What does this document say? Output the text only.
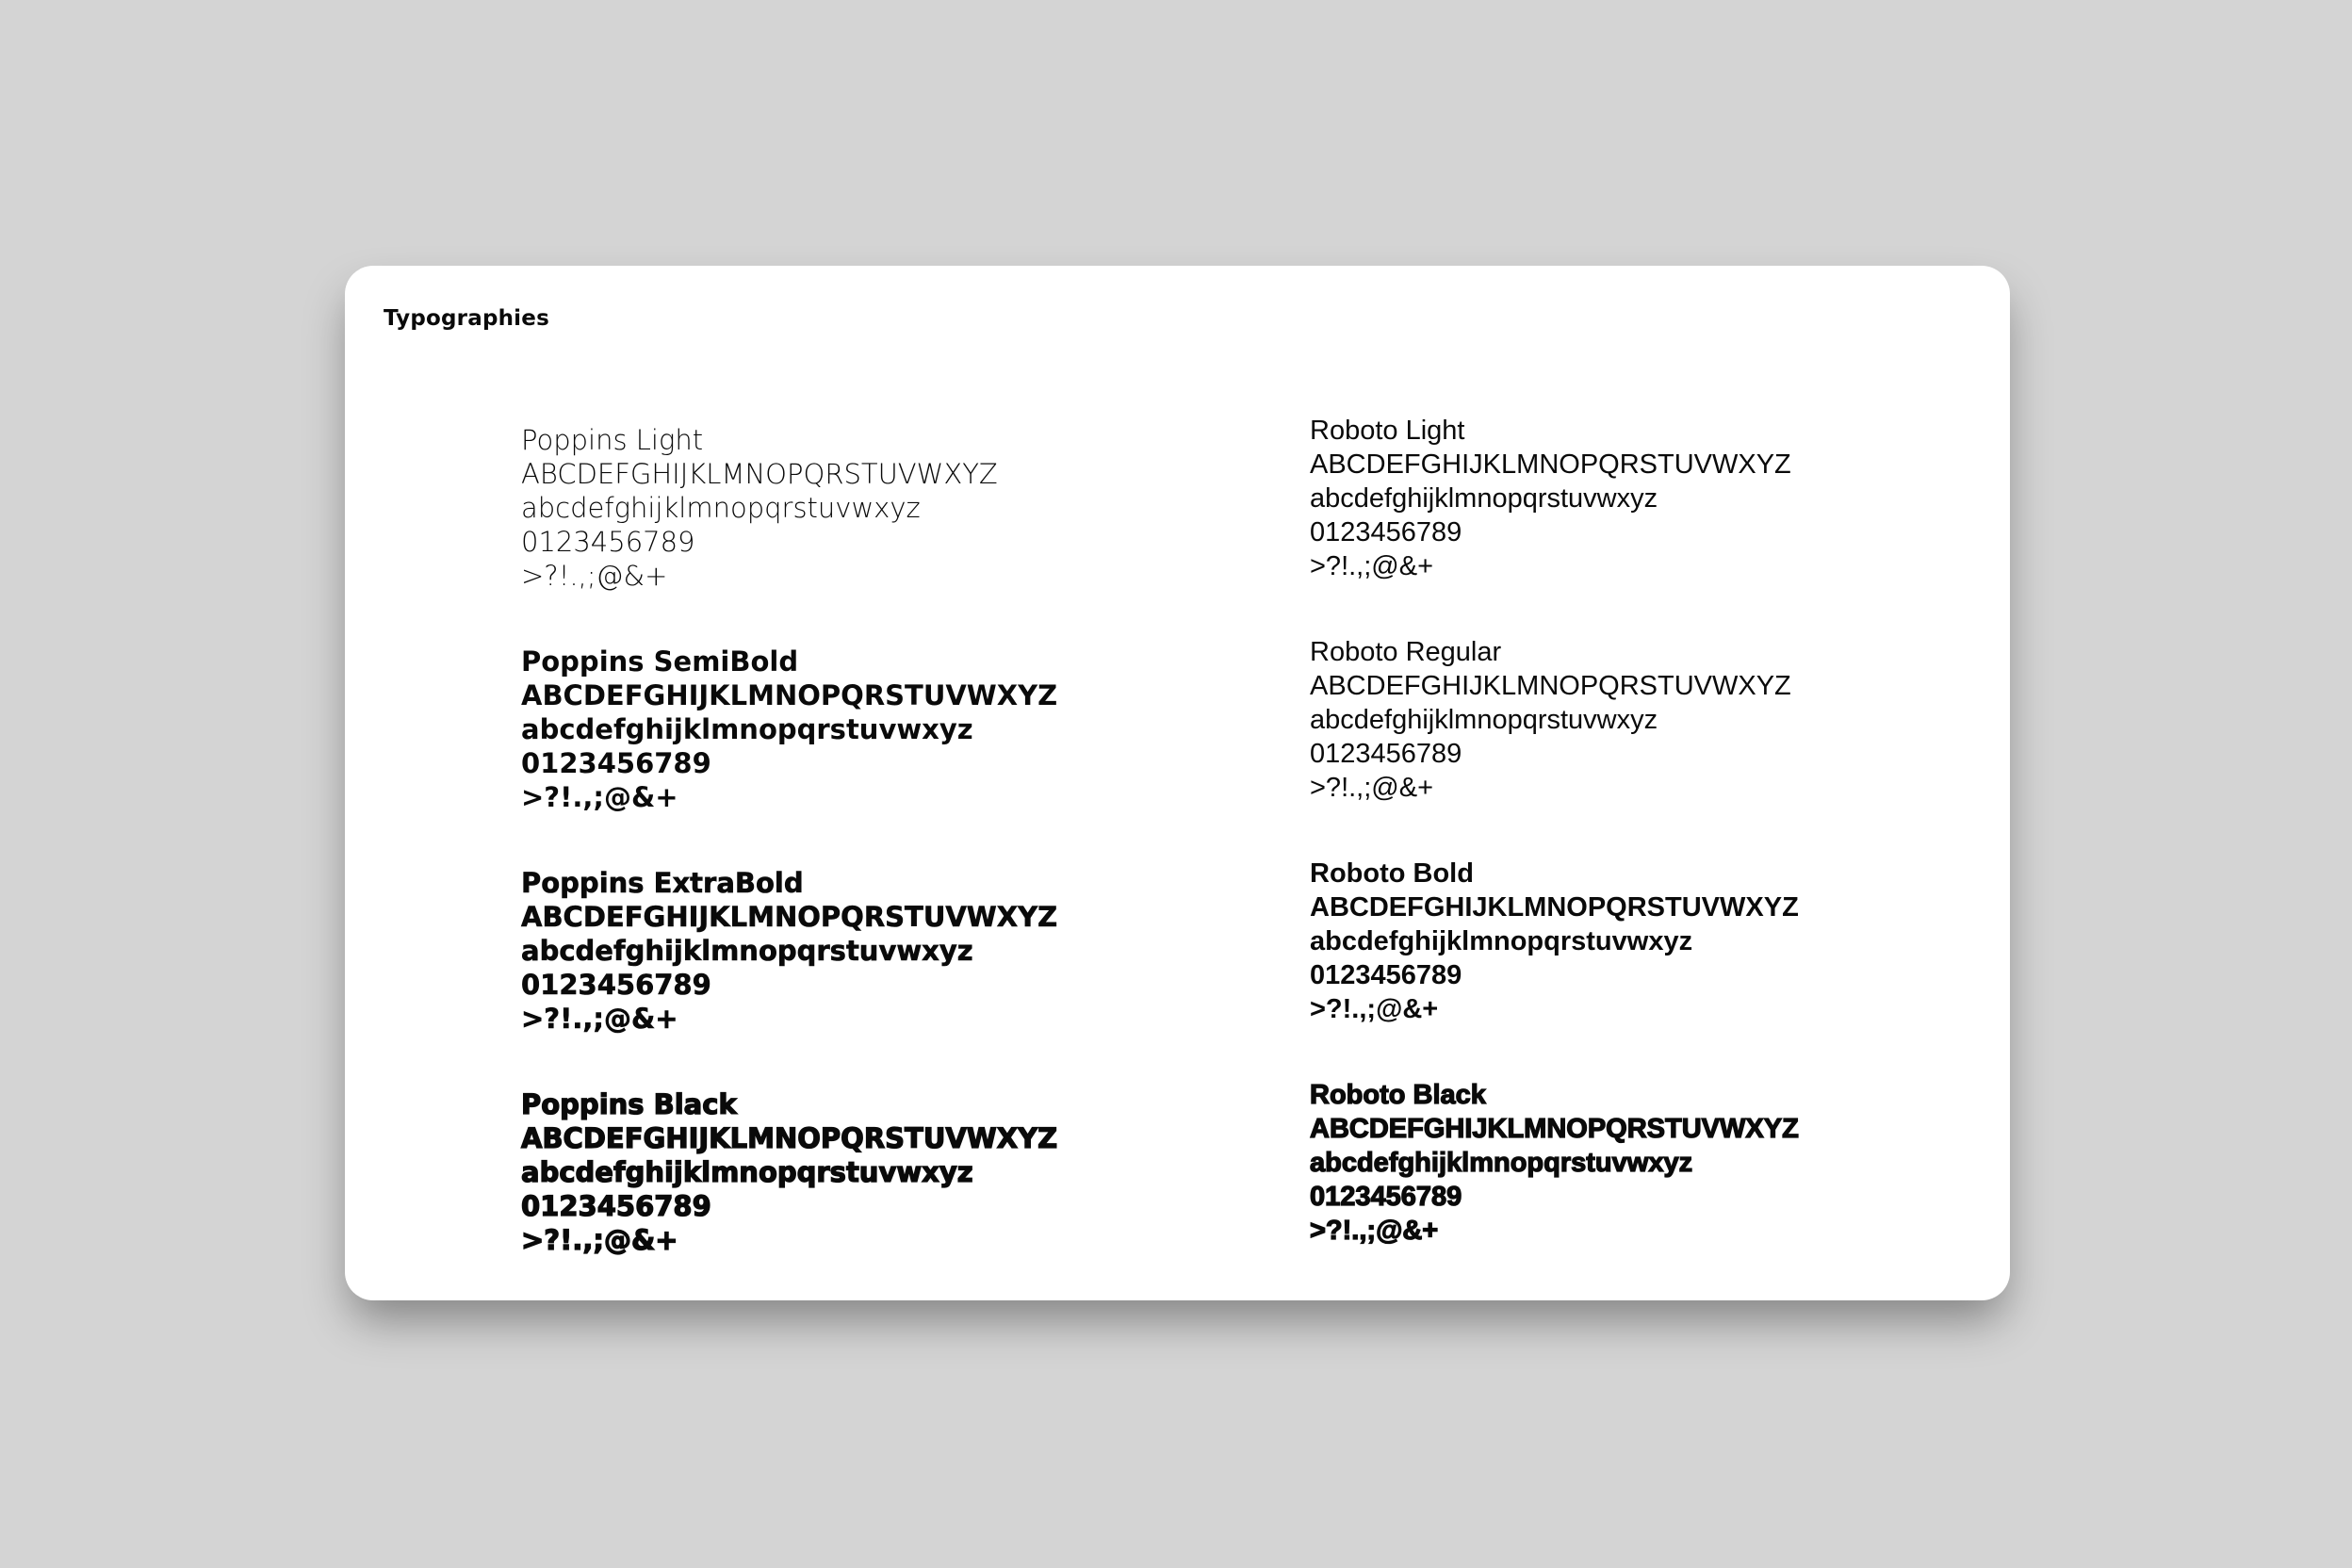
Typographies
Poppins Light
ABCDEFGHIJKLMNOPQRSTUVWXYZ
abcdefghijklmnopqrstuvwxyz
0123456789
>?!.,;@&+
Poppins SemiBold
ABCDEFGHIJKLMNOPQRSTUVWXYZ
abcdefghijklmnopqrstuvwxyz
0123456789
>?!.,;@&+
Poppins ExtraBold
ABCDEFGHIJKLMNOPQRSTUVWXYZ
abcdefghijklmnopqrstuvwxyz
0123456789
>?!.,;@&+
Poppins Black
ABCDEFGHIJKLMNOPQRSTUVWXYZ
abcdefghijklmnopqrstuvwxyz
0123456789
>?!.,;@&+
Roboto Light
ABCDEFGHIJKLMNOPQRSTUVWXYZ
abcdefghijklmnopqrstuvwxyz
0123456789
>?!.,;@&+
Roboto Regular
ABCDEFGHIJKLMNOPQRSTUVWXYZ
abcdefghijklmnopqrstuvwxyz
0123456789
>?!.,;@&+
Roboto Bold
ABCDEFGHIJKLMNOPQRSTUVWXYZ
abcdefghijklmnopqrstuvwxyz
0123456789
>?!.,;@&+
Roboto Black
ABCDEFGHIJKLMNOPQRSTUVWXYZ
abcdefghijklmnopqrstuvwxyz
0123456789
>?!.,;@&+
